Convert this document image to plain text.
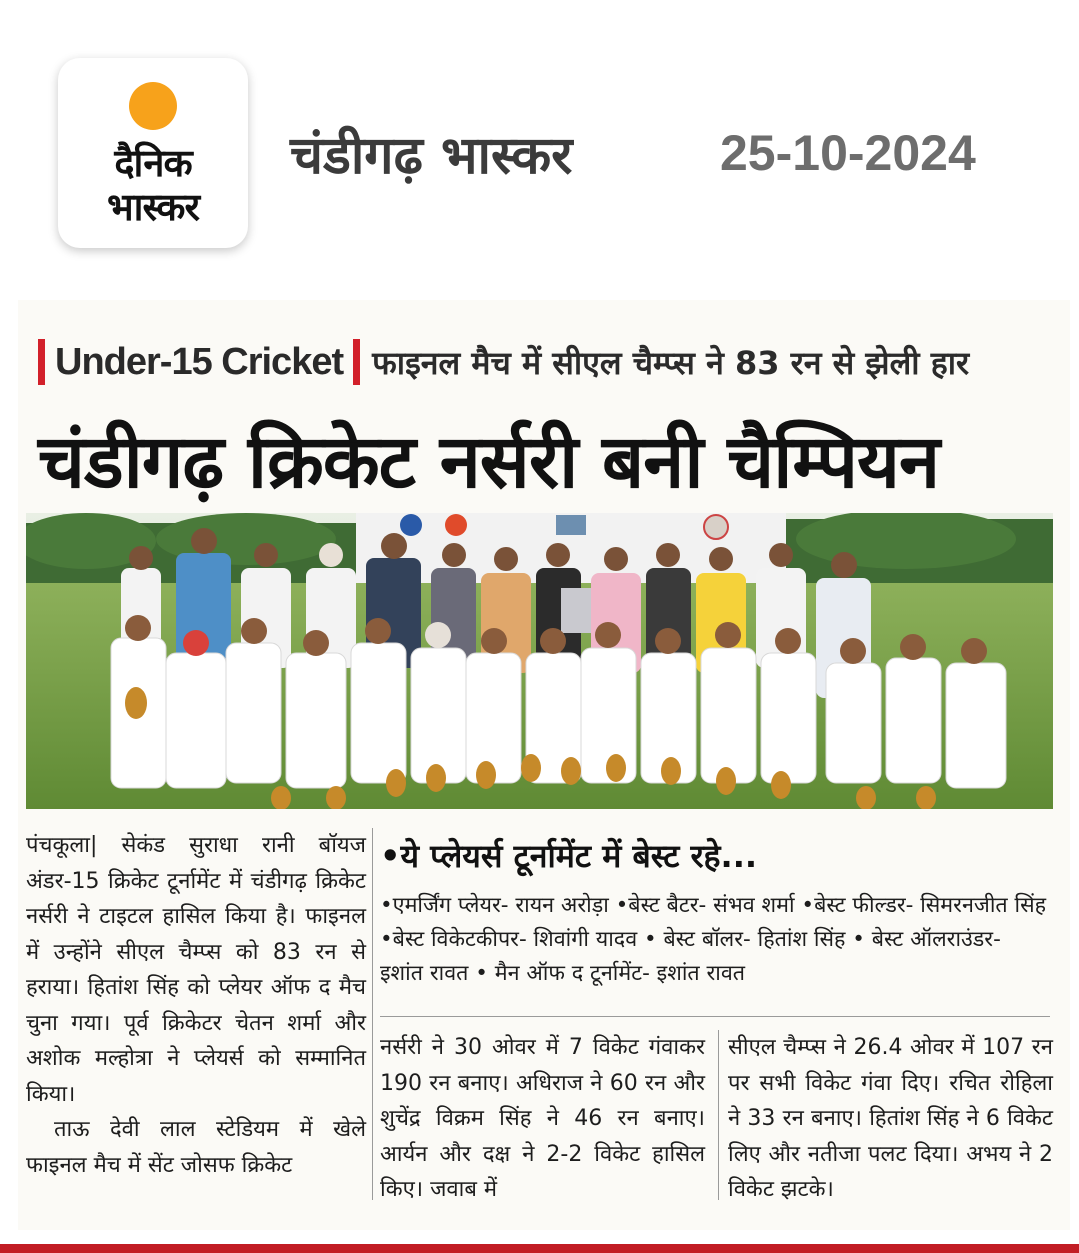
दैनिक
भास्कर
चंडीगढ़ भास्कर	25-10-2024
Under-15 Cricket फाइनल मैच में सीएल चैम्प्स ने 83 रन से झेली हार
चंडीगढ़ क्रिकेट नर्सरी बनी चैम्पियन

पंचकूला| सेकंड सुराधा रानी बॉयज अंडर-15 क्रिकेट टूर्नामेंट में चंडीगढ़ क्रिकेट नर्सरी ने टाइटल हासिल किया है। फाइनल में उन्होंने सीएल चैम्प्स को 83 रन से हराया। हितांश सिंह को प्लेयर ऑफ द मैच चुना गया। पूर्व क्रिकेटर चेतन शर्मा और अशोक मल्होत्रा ने प्लेयर्स को सम्मानित किया।

ताऊ देवी लाल स्टेडियम में खेले फाइनल मैच में सेंट जोसफ क्रिकेट

•ये प्लेयर्स टूर्नामेंट में बेस्ट रहे...
•एमर्जिंग प्लेयर- रायन अरोड़ा •बेस्ट बैटर- संभव शर्मा •बेस्ट फील्डर- सिमरनजीत सिंह •बेस्ट विकेटकीपर- शिवांगी यादव • बेस्ट बॉलर- हितांश सिंह • बेस्ट ऑलराउंडर- इशांत रावत • मैन ऑफ द टूर्नामेंट- इशांत रावत
नर्सरी ने 30 ओवर में 7 विकेट गंवाकर 190 रन बनाए। अधिराज ने 60 रन और शुचेंद्र विक्रम सिंह ने 46 रन बनाए। आर्यन और दक्ष ने 2-2 विकेट हासिल किए। जवाब में
सीएल चैम्प्स ने 26.4 ओवर में 107 रन पर सभी विकेट गंवा दिए। रचित रोहिला ने 33 रन बनाए। हितांश सिंह ने 6 विकेट लिए और नतीजा पलट दिया। अभय ने 2 विकेट झटके।
